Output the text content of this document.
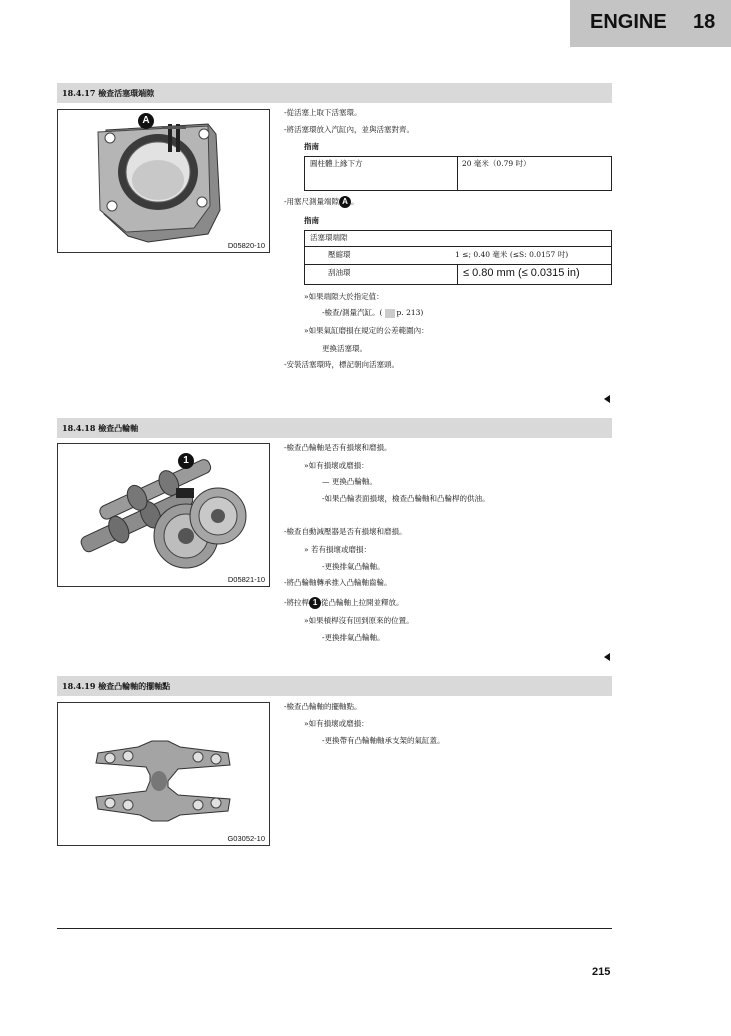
ENGINE 18
18.4.17 檢查活塞環端隙
A
D05820-10
-從活塞上取下活塞環。
-將活塞環放入汽缸內，並與活塞對齊。
指南
圓柱體上緣下方	20 毫米（0.79 吋）
-用塞尺測量端隙 A 。
指南
活塞環端隙
壓縮環	1 ≤; 0.40 毫米 (≤S: 0.0157 吋)
刮油環	≤ 0.80 mm (≤ 0.0315 in)
»如果端隙大於指定值：
-檢查/測量汽缸。( p. 213)
»如果氣缸磨損在規定的公差範圍內：
更換活塞環。
-安裝活塞環時，標記朝向活塞頭。
18.4.18 檢查凸輪軸
1
D05821-10
-檢查凸輪軸是否有損壞和磨損。
»如有損壞或磨損：
— 更換凸輪軸。
-如果凸輪表面損壞，檢查凸輪軸和凸輪桿的供油。
-檢查自動減壓器是否有損壞和磨損。
» 若有損壞或磨損：
-更換排氣凸輪軸。
-將凸輪軸轉承推入凸輪軸齒輪。
-將拉桿 1 從凸輪軸上拉開並釋放。
»如果槓桿沒有回到原來的位置。
-更換排氣凸輪軸。
18.4.19 檢查凸輪軸的擺軸點
G03052-10
-檢查凸輪軸的擺軸點。
»如有損壞或磨損：
-更換帶有凸輪軸軸承支架的氣缸蓋。
215
